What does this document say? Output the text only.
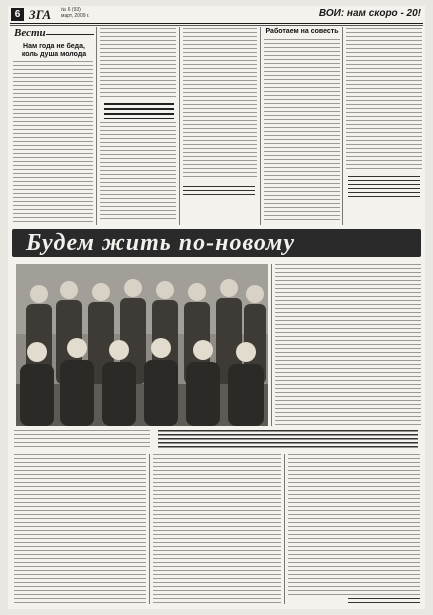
6 ЗГА № 6 (93)
март, 2009 г.	ВОИ: нам скоро - 20!
Вести
Нам года не беда,
коль душа молода
Работаем на совесть
Будем жить по-новому
